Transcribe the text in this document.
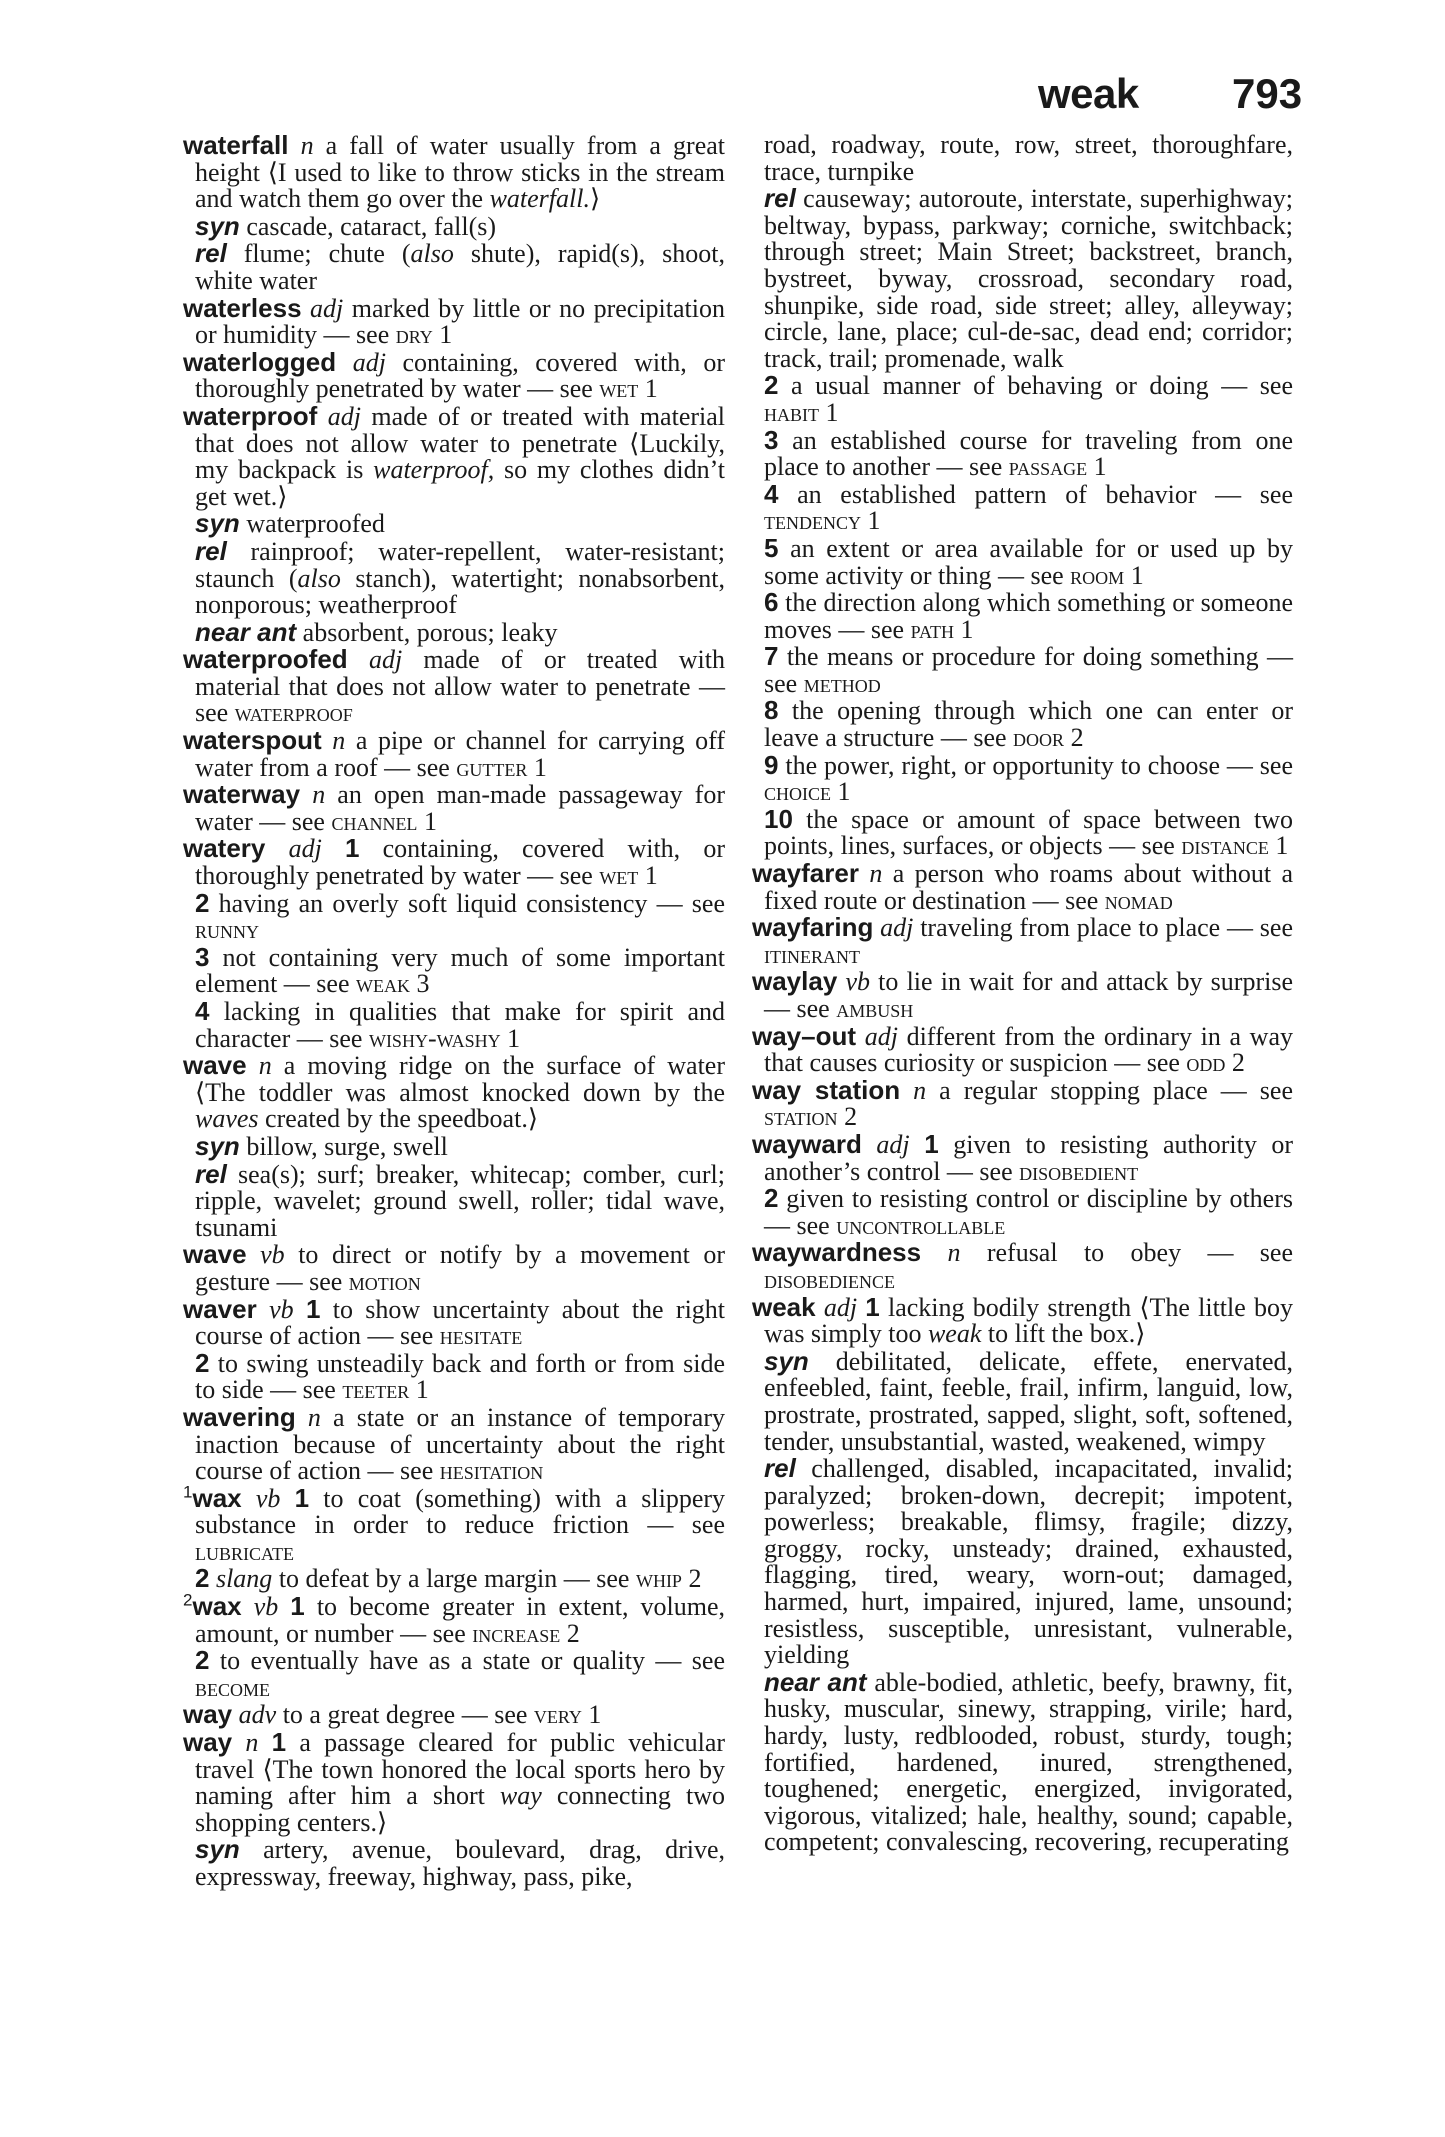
weak 793

waterfall n a fall of water usually from a great height ⟨I used to like to throw sticks in the stream and watch them go over the waterfall.⟩

syn cascade, cataract, fall(s)

rel flume; chute (also shute), rapid(s), shoot, white water

waterless adj marked by little or no precipitation or humidity — see dry 1

waterlogged adj containing, covered with, or thoroughly penetrated by water — see wet 1

waterproof adj made of or treated with material that does not allow water to penetrate ⟨Luckily, my backpack is waterproof, so my clothes didn’t get wet.⟩

syn waterproofed

rel rainproof; water-repellent, water-resistant; staunch (also stanch), watertight; nonabsorbent, nonporous; weatherproof

near ant absorbent, porous; leaky

waterproofed adj made of or treated with material that does not allow water to penetrate — see waterproof

waterspout n a pipe or channel for carrying off water from a roof — see gutter 1

waterway n an open man-made passageway for water — see channel 1

watery adj 1 containing, covered with, or thoroughly penetrated by water — see wet 1

2 having an overly soft liquid consistency — see runny

3 not containing very much of some important element — see weak 3

4 lacking in qualities that make for spirit and character — see wishy-washy 1

wave n a moving ridge on the surface of water ⟨The toddler was almost knocked down by the waves created by the speedboat.⟩

syn billow, surge, swell

rel sea(s); surf; breaker, whitecap; comber, curl; ripple, wavelet; ground swell, roller; tidal wave, tsunami

wave vb to direct or notify by a movement or gesture — see motion

waver vb 1 to show uncertainty about the right course of action — see hesitate

2 to swing unsteadily back and forth or from side to side — see teeter 1

wavering n a state or an instance of temporary inaction because of uncertainty about the right course of action — see hesitation

$^1$wax vb 1 to coat (something) with a slippery substance in order to reduce friction — see lubricate

2 slang to defeat by a large margin — see whip 2

$^2$wax vb 1 to become greater in extent, volume, amount, or number — see increase 2

2 to eventually have as a state or quality — see become

way adv to a great degree — see very 1

way n 1 a passage cleared for public vehicular travel ⟨The town honored the local sports hero by naming after him a short way connecting two shopping centers.⟩

syn artery, avenue, boulevard, drag, drive, expressway, freeway, highway, pass, pike,

road, roadway, route, row, street, thoroughfare, trace, turnpike

rel causeway; autoroute, interstate, superhighway; beltway, bypass, parkway; corniche, switchback; through street; Main Street; backstreet, branch, bystreet, byway, crossroad, secondary road, shunpike, side road, side street; alley, alleyway; circle, lane, place; cul-de-sac, dead end; corridor; track, trail; promenade, walk

2 a usual manner of behaving or doing — see habit 1

3 an established course for traveling from one place to another — see passage 1

4 an established pattern of behavior — see tendency 1

5 an extent or area available for or used up by some activity or thing — see room 1

6 the direction along which something or someone moves — see path 1

7 the means or procedure for doing something — see method

8 the opening through which one can enter or leave a structure — see door 2

9 the power, right, or opportunity to choose — see choice 1

10 the space or amount of space between two points, lines, surfaces, or objects — see distance 1

wayfarer n a person who roams about without a fixed route or destination — see nomad

wayfaring adj traveling from place to place — see itinerant

waylay vb to lie in wait for and attack by surprise — see ambush

way–out adj different from the ordinary in a way that causes curiosity or suspicion — see odd 2

way station n a regular stopping place — see station 2

wayward adj 1 given to resisting authority or another’s control — see disobedient

2 given to resisting control or discipline by others — see uncontrollable

waywardness n refusal to obey — see disobedience

weak adj 1 lacking bodily strength ⟨The little boy was simply too weak to lift the box.⟩

syn debilitated, delicate, effete, enervated, enfeebled, faint, feeble, frail, infirm, languid, low, prostrate, prostrated, sapped, slight, soft, softened, tender, unsubstantial, wasted, weakened, wimpy

rel challenged, disabled, incapacitated, invalid; paralyzed; broken-down, decrepit; impotent, powerless; breakable, flimsy, fragile; dizzy, groggy, rocky, unsteady; drained, exhausted, flagging, tired, weary, worn-out; damaged, harmed, hurt, impaired, injured, lame, unsound; resistless, susceptible, unresistant, vulnerable, yielding

near ant able-bodied, athletic, beefy, brawny, fit, husky, muscular, sinewy, strapping, virile; hard, hardy, lusty, redblooded, robust, sturdy, tough; fortified, hardened, inured, strengthened, toughened; energetic, energized, invigorated, vigorous, vitalized; hale, healthy, sound; capable, competent; convalescing, recovering, recuperating
